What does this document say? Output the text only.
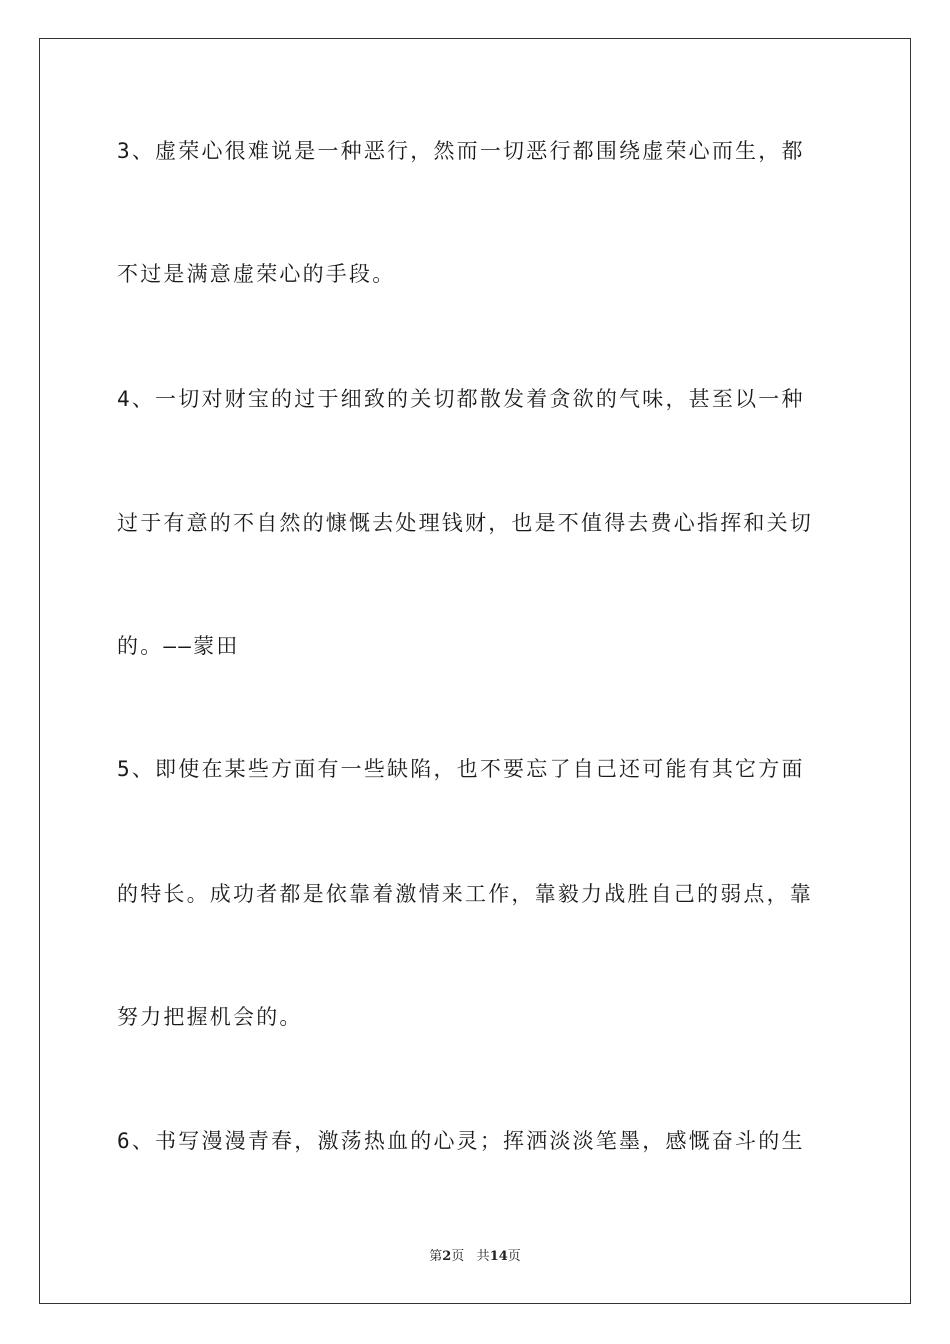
3、虚荣心很难说是一种恶行，然而一切恶行都围绕虚荣心而生，都
不过是满意虚荣心的手段。
4、一切对财宝的过于细致的关切都散发着贪欲的气味，甚至以一种
过于有意的不自然的慷慨去处理钱财，也是不值得去费心指挥和关切
的。——蒙田
5、即使在某些方面有一些缺陷，也不要忘了自己还可能有其它方面
的特长。成功者都是依靠着激情来工作，靠毅力战胜自己的弱点，靠
努力把握机会的。
6、书写漫漫青春，激荡热血的心灵；挥洒淡淡笔墨，感慨奋斗的生
第2页 共14页
